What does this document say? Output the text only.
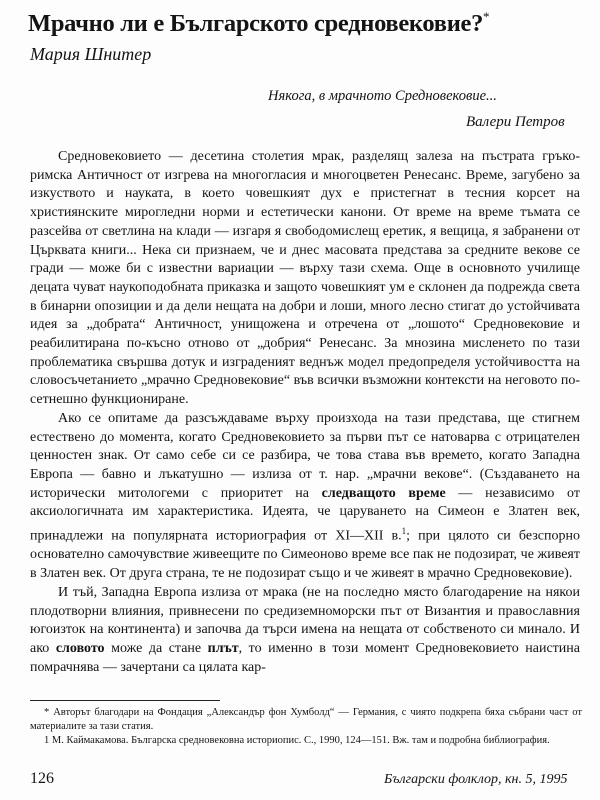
Мрачно ли е Българското средновековие?*
Мария Шнитер
Някога, в мрачното Средновековие...
Валери Петров

Средновековието — десетина столетия мрак, разделящ залеза на пъстрата гръко-римска Античност от изгрева на многогласия и многоцветен Ренесанс. Време, загубено за изкуството и науката, в което човешкият дух е пристегнат в тесния корсет на християнските мирогледни норми и естетически канони. От време на време тъмата се разсейва от светлина на клади — изгаря я свободомислещ еретик, я вещица, я забранени от Църквата книги... Нека си признаем, че и днес масовата представа за средните векове се гради — може би с известни вариации — върху тази схема. Още в основното училище децата чуват наукоподобната приказка и защото човешкият ум е склонен да подрежда света в бинарни опозиции и да дели нещата на добри и лоши, много лесно стигат до устойчивата идея за „добрата“ Античност, унищожена и отречена от „лошото“ Средновековие и реабилитирана по-късно отново от „добрия“ Ренесанс. За мнозина мисленето по тази проблематика свършва дотук и изграденият веднъж модел предопределя устойчивостта на словосъчетанието „мрачно Средновековие“ във всички възможни контексти на неговото по-сетнешно функциониране.

Ако се опитаме да разсъждаваме върху произхода на тази представа, ще стигнем естествено до момента, когато Средновековието за първи път се натоварва с отрицателен ценностен знак. От само себе си се разбира, че това става във времето, когато Западна Европа — бавно и лъкатушно — излиза от т. нар. „мрачни векове“. (Създаването на исторически митологеми с приоритет на следващото време — независимо от аксиологичната им характеристика. Идеята, че царуването на Симеон е Златен век, принадлежи на популярната историография от XI—XII в.$^1$; при цялото си безспорно основателно самочувствие живеещите по Симеоново време все пак не подозират, че живеят в Златен век. От друга страна, те не подозират също и че живеят в мрачно Средновековие).

И тъй, Западна Европа излиза от мрака (не на последно място благодарение на някои плодотворни влияния, привнесени по средиземноморски път от Византия и православния югоизток на континента) и започва да търси имена на нещата от собственото си минало. И ако словото може да стане плът, то именно в този момент Средновековието наистина помрачнява — зачертани са цялата кар-

* Авторът благодари на Фондация „Александър фон Хумболд“ — Германия, с чиято подкрепа бяха събрани част от материалите за тази статия.

1 М. Каймакамова. Българска средновековна историопис. С., 1990, 124—151. Вж. там и подробна библиография.

126	Български фолклор, кн. 5, 1995
